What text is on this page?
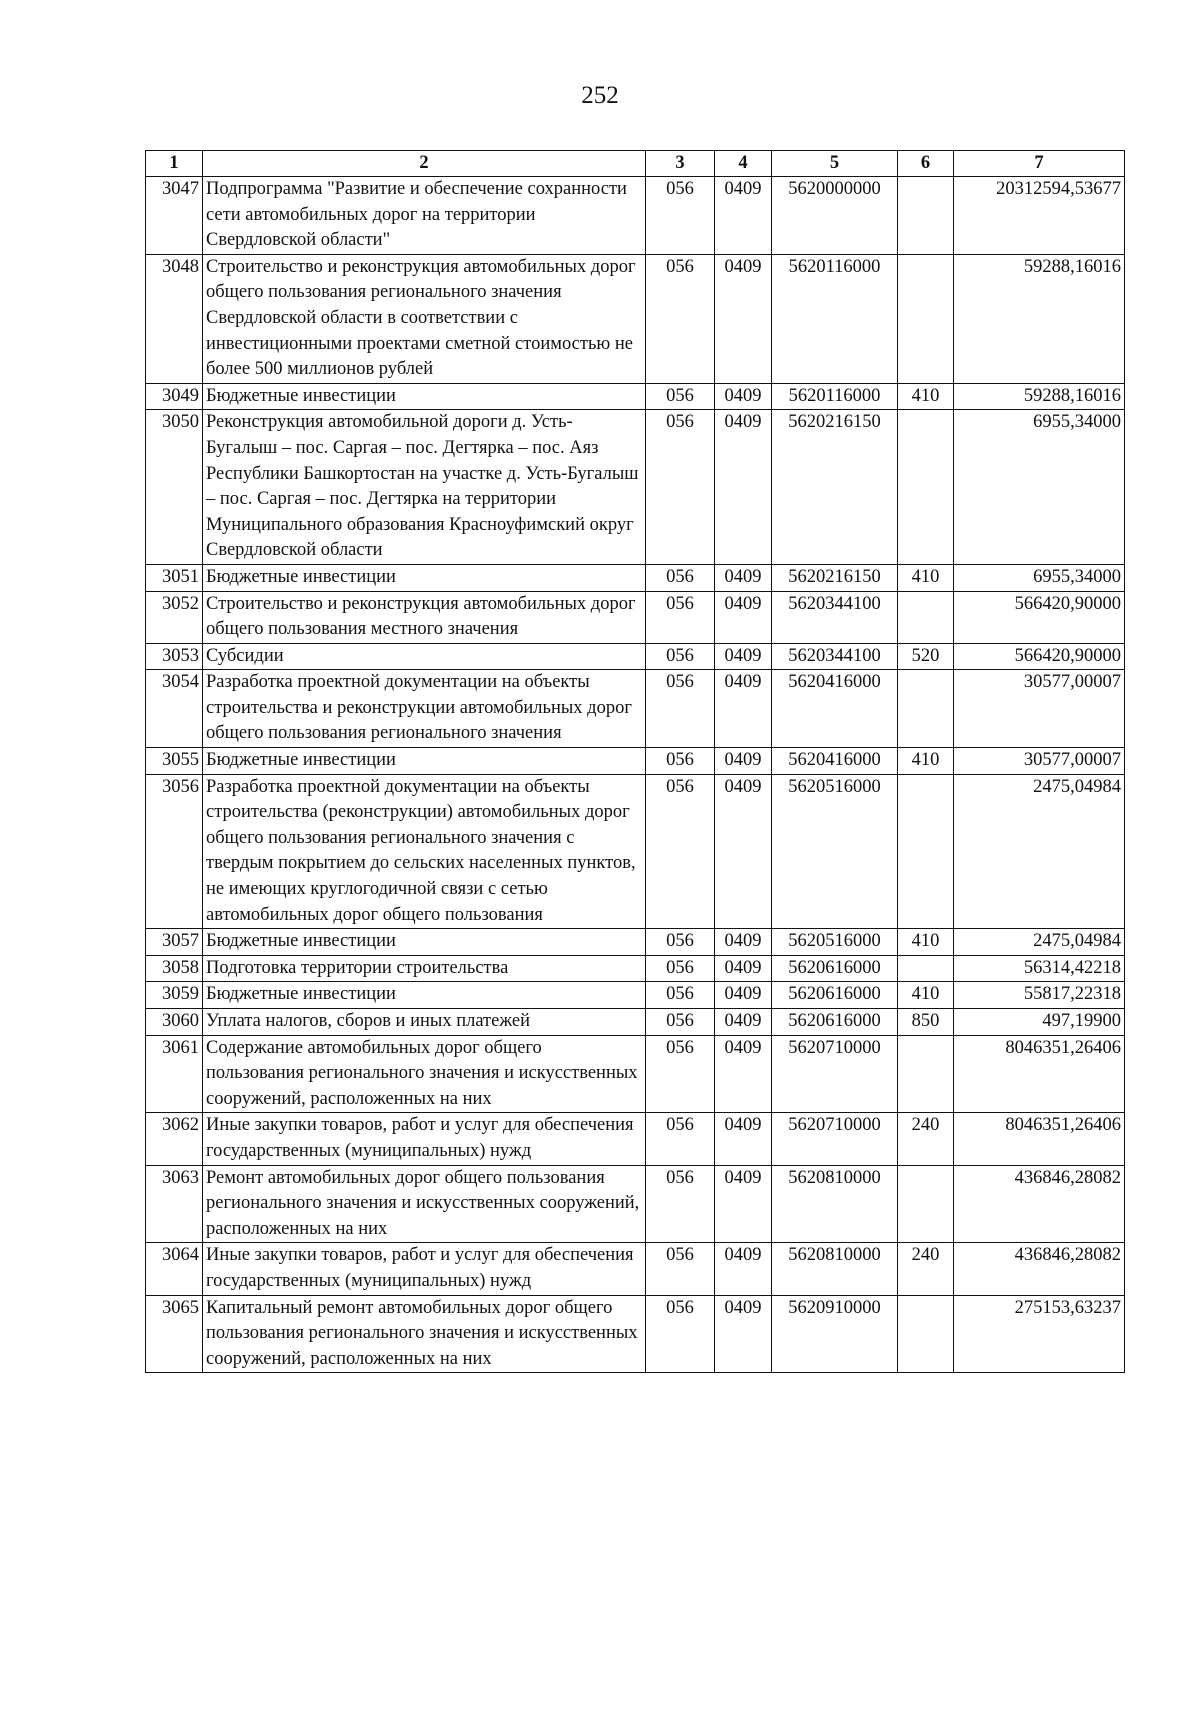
252
1	2	3	4	5	6	7
3047	Подпрограмма "Развитие и обеспечение сохранности сети автомобильных дорог на территории Свердловской области"	056	0409	5620000000		20312594,53677
3048	Строительство и реконструкция автомобильных дорог общего пользования регионального значения Свердловской области в соответствии с инвестиционными проектами сметной стоимостью не более 500 миллионов рублей	056	0409	5620116000		59288,16016
3049	Бюджетные инвестиции	056	0409	5620116000	410	59288,16016
3050	Реконструкция автомобильной дороги д. Усть-Бугалыш – пос. Саргая – пос. Дегтярка – пос. Аяз Республики Башкортостан на участке д. Усть-Бугалыш – пос. Саргая – пос. Дегтярка на территории Муниципального образования Красноуфимский округ Свердловской области	056	0409	5620216150		6955,34000
3051	Бюджетные инвестиции	056	0409	5620216150	410	6955,34000
3052	Строительство и реконструкция автомобильных дорог общего пользования местного значения	056	0409	5620344100		566420,90000
3053	Субсидии	056	0409	5620344100	520	566420,90000
3054	Разработка проектной документации на объекты строительства и реконструкции автомобильных дорог общего пользования регионального значения	056	0409	5620416000		30577,00007
3055	Бюджетные инвестиции	056	0409	5620416000	410	30577,00007
3056	Разработка проектной документации на объекты строительства (реконструкции) автомобильных дорог общего пользования регионального значения с твердым покрытием до сельских населенных пунктов, не имеющих круглогодичной связи с сетью автомобильных дорог общего пользования	056	0409	5620516000		2475,04984
3057	Бюджетные инвестиции	056	0409	5620516000	410	2475,04984
3058	Подготовка территории строительства	056	0409	5620616000		56314,42218
3059	Бюджетные инвестиции	056	0409	5620616000	410	55817,22318
3060	Уплата налогов, сборов и иных платежей	056	0409	5620616000	850	497,19900
3061	Содержание автомобильных дорог общего пользования регионального значения и искусственных сооружений, расположенных на них	056	0409	5620710000		8046351,26406
3062	Иные закупки товаров, работ и услуг для обеспечения государственных (муниципальных) нужд	056	0409	5620710000	240	8046351,26406
3063	Ремонт автомобильных дорог общего пользования регионального значения и искусственных сооружений, расположенных на них	056	0409	5620810000		436846,28082
3064	Иные закупки товаров, работ и услуг для обеспечения государственных (муниципальных) нужд	056	0409	5620810000	240	436846,28082
3065	Капитальный ремонт автомобильных дорог общего пользования регионального значения и искусственных сооружений, расположенных на них	056	0409	5620910000		275153,63237
